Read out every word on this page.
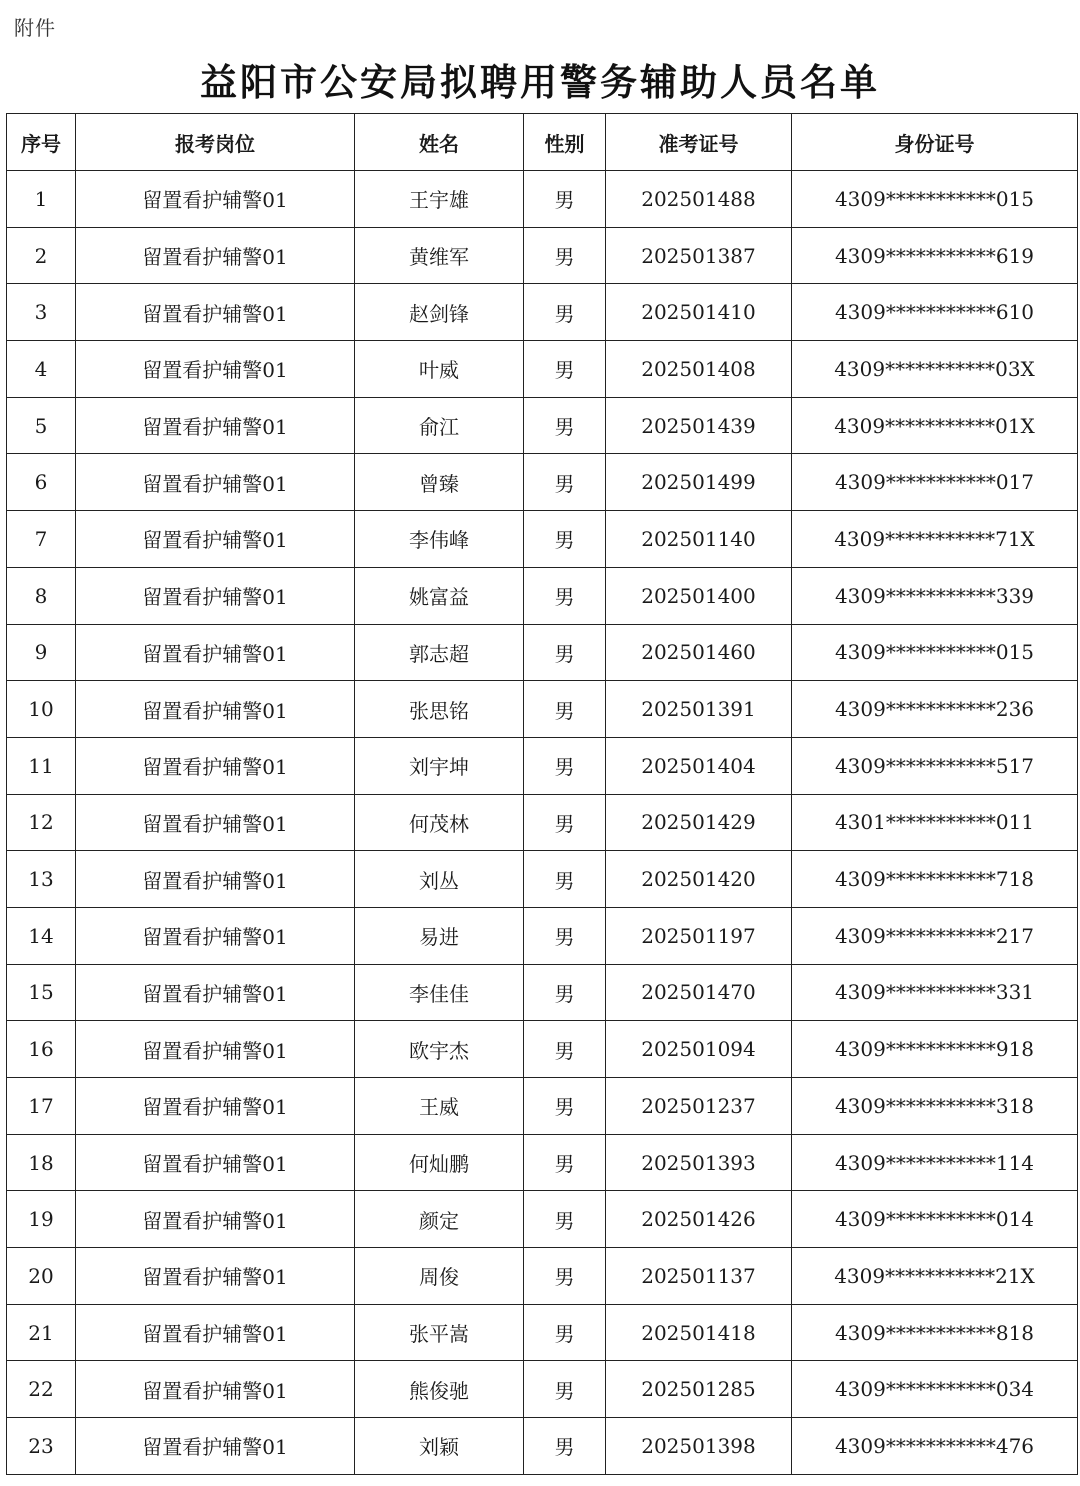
附件
益阳市公安局拟聘用警务辅助人员名单
序号	报考岗位	姓名	性别	准考证号	身份证号
1	留置看护辅警01	王宇雄	男	202501488	4309***********015
2	留置看护辅警01	黄维军	男	202501387	4309***********619
3	留置看护辅警01	赵剑锋	男	202501410	4309***********610
4	留置看护辅警01	叶威	男	202501408	4309***********03X
5	留置看护辅警01	俞江	男	202501439	4309***********01X
6	留置看护辅警01	曾臻	男	202501499	4309***********017
7	留置看护辅警01	李伟峰	男	202501140	4309***********71X
8	留置看护辅警01	姚富益	男	202501400	4309***********339
9	留置看护辅警01	郭志超	男	202501460	4309***********015
10	留置看护辅警01	张思铭	男	202501391	4309***********236
11	留置看护辅警01	刘宇坤	男	202501404	4309***********517
12	留置看护辅警01	何茂林	男	202501429	4301***********011
13	留置看护辅警01	刘丛	男	202501420	4309***********718
14	留置看护辅警01	易进	男	202501197	4309***********217
15	留置看护辅警01	李佳佳	男	202501470	4309***********331
16	留置看护辅警01	欧宇杰	男	202501094	4309***********918
17	留置看护辅警01	王威	男	202501237	4309***********318
18	留置看护辅警01	何灿鹏	男	202501393	4309***********114
19	留置看护辅警01	颜定	男	202501426	4309***********014
20	留置看护辅警01	周俊	男	202501137	4309***********21X
21	留置看护辅警01	张平嵩	男	202501418	4309***********818
22	留置看护辅警01	熊俊驰	男	202501285	4309***********034
23	留置看护辅警01	刘颖	男	202501398	4309***********476
